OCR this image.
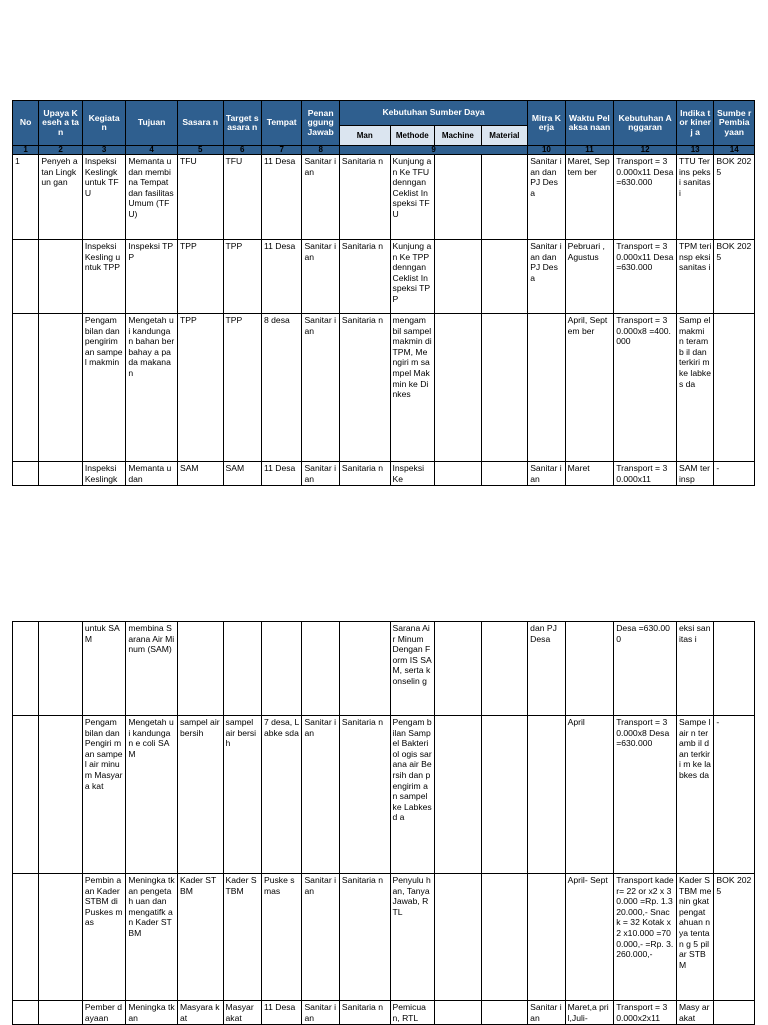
No	Upaya Keseh a tan	Kegiata n	Tujuan	Sasara n	Target sasara n	Tempat	Penan ggung Jawab	Kebutuhan Sumber Daya				Mitra Kerja	Waktu Pelaksa naan	Kebutuhan Anggaran	Indika tor kinerj a	Sumbe r Pembia yaan
								Man	Methode	Machine	Material					
1	2	3	4	5	6	7	8	9				10	11	12	13	14
1	Penyeh atan Lingkun gan	Inspeksi Keslingk untuk TFU	Memanta u dan membina Tempat dan fasilitas Umum (TFU)	TFU	TFU	11 Desa	Sanitar ian	Sanitaria n	Kunjung an Ke TFU denngan Ceklist Inspeksi TFU			Sanitar ian dan PJ Desa	Maret, Septem ber	Transport = 30.000x11 Desa =630.000	TTU Terins peksi sanitas i	BOK 2025
		Inspeksi Kesling untuk TPP	Inspeksi TPP	TPP	TPP	11 Desa	Sanitar ian	Sanitaria n	Kunjung an Ke TPP denngan Ceklist Inspeksi TPP			Sanitar ian dan PJ Desa	Pebruari , Agustus	Transport = 30.000x11 Desa =630.000	TPM terinsp eksi sanitas i	BOK 2025
		Pengam bilan dan pengirim an sampel makmin	Mengetah ui kandunga n bahan berbahay a pada makanan	TPP	TPP	8 desa	Sanitar ian	Sanitaria n	mengam bil sampel makmin di TPM, Mengiri m sampel Makmin ke Dinkes				April, Septem ber	Transport = 30.000x8 =400.000	Samp el makmi n teramb il dan terkiri m ke labkes da	
		Inspeksi Keslingk	Memanta u dan	SAM	SAM	11 Desa	Sanitar ian	Sanitaria n	Inspeksi Ke			Sanitar ian	Maret	Transport = 30.000x11	SAM terinsp	-
		untuk SAM	membina Sarana Air Minum (SAM)						Sarana Air Minum Dengan Form IS SAM, serta konselin g			dan PJ Desa		Desa =630.000	eksi sanitas i	
		Pengam bilan dan Pengiri man sampel air minum Masyara kat	Mengetah ui kandunga n e coli SAM	sampel air bersih	sampel air bersih	7 desa, Labke sda	Sanitar ian	Sanitaria n	Pengam bilan Sampel Bakteriol ogis sarana air Bersih dan pengirim an sampel ke Labkesd a				April	Transport = 30.000x8 Desa =630.000	Sampe l air n teramb il dan terkiri m ke labkes da	-
		Pembin aan Kader STBM di Puskes mas	Meningka tkan pengetah uan dan mengatifk an Kader STBM	Kader STBM	Kader STBM	Puske smas	Sanitar ian	Sanitaria n	Penyulu han, Tanya Jawab, RTL				April- Sept	Transport kader= 22 or x2 x 30.000 =Rp. 1.320.000,- Snack = 32 Kotak x2 x10.000 =700.000,- =Rp. 3.260.000,-	Kader STBM menin gkat pengat ahuan nya tentan g 5 pilar STBM	BOK 2025
		Pember dayaan	Meningka tkan	Masyara kat	Masyar akat	11 Desa	Sanitar ian	Sanitaria n	Pemicua n, RTL			Sanitar ian	Maret,a pril,Juli-	Transport = 30.000x2x11	Masy arakat	
